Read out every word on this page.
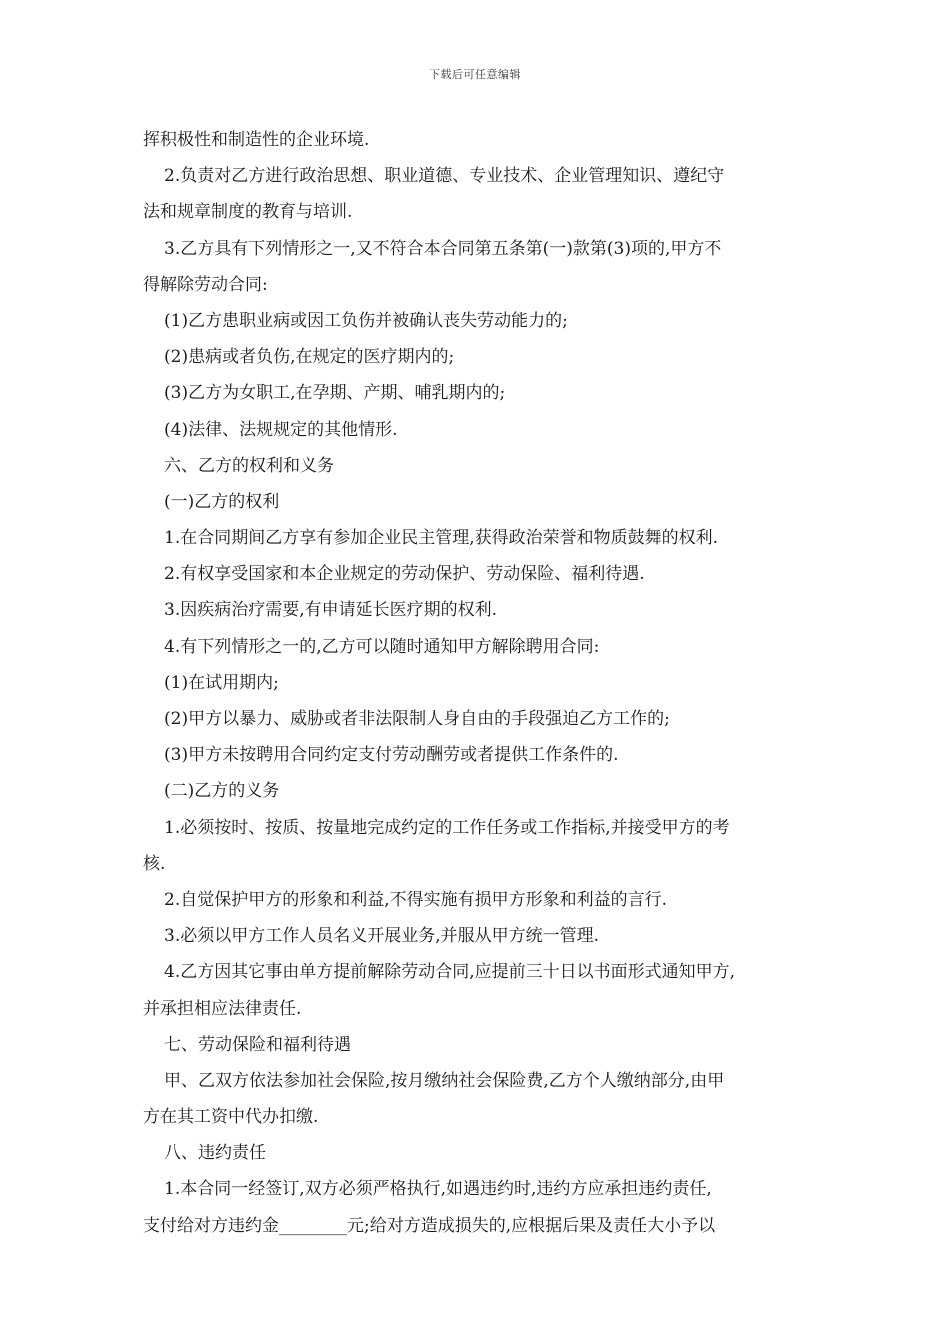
下载后可任意编辑
挥积极性和制造性的企业环境.
2.负责对乙方进行政治思想、职业道德、专业技术、企业管理知识、遵纪守
法和规章制度的教育与培训.
3.乙方具有下列情形之一,又不符合本合同第五条第(一)款第(3)项的,甲方不
得解除劳动合同:
(1)乙方患职业病或因工负伤并被确认丧失劳动能力的;
(2)患病或者负伤,在规定的医疗期内的;
(3)乙方为女职工,在孕期、产期、哺乳期内的;
(4)法律、法规规定的其他情形.
六、乙方的权利和义务
(一)乙方的权利
1.在合同期间乙方享有参加企业民主管理,获得政治荣誉和物质鼓舞的权利.
2.有权享受国家和本企业规定的劳动保护、劳动保险、福利待遇.
3.因疾病治疗需要,有申请延长医疗期的权利.
4.有下列情形之一的,乙方可以随时通知甲方解除聘用合同:
(1)在试用期内;
(2)甲方以暴力、威胁或者非法限制人身自由的手段强迫乙方工作的;
(3)甲方未按聘用合同约定支付劳动酬劳或者提供工作条件的.
(二)乙方的义务
1.必须按时、按质、按量地完成约定的工作任务或工作指标,并接受甲方的考
核.
2.自觉保护甲方的形象和利益,不得实施有损甲方形象和利益的言行.
3.必须以甲方工作人员名义开展业务,并服从甲方统一管理.
4.乙方因其它事由单方提前解除劳动合同,应提前三十日以书面形式通知甲方,
并承担相应法律责任.
七、劳动保险和福利待遇
甲、乙双方依法参加社会保险,按月缴纳社会保险费,乙方个人缴纳部分,由甲
方在其工资中代办扣缴.
八、违约责任
1.本合同一经签订,双方必须严格执行,如遇违约时,违约方应承担违约责任,
支付给对方违约金________元;给对方造成损失的,应根据后果及责任大小予以
